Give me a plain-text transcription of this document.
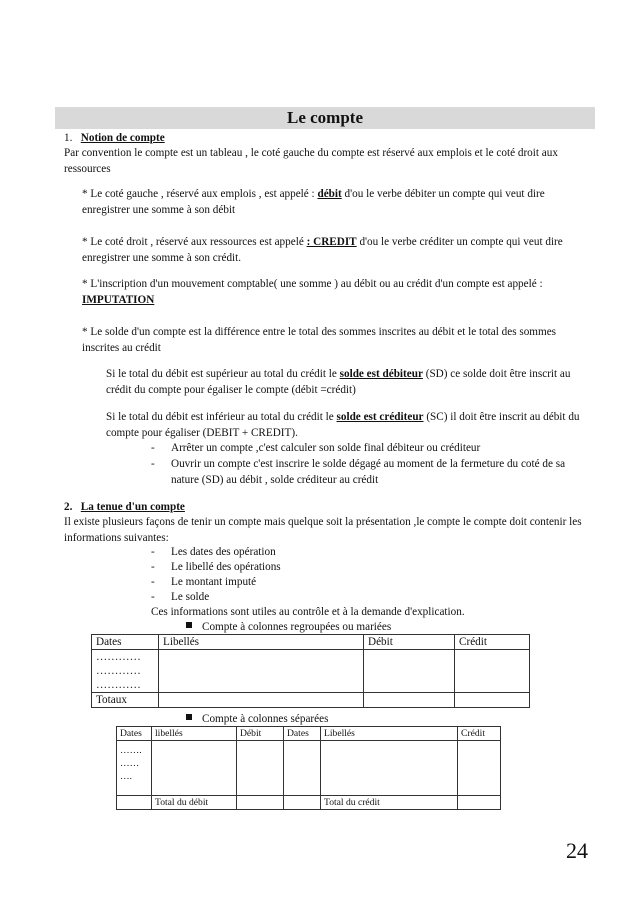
Le compte
1. Notion de compte

Par convention le compte est un tableau , le coté gauche du compte est réservé aux emplois et le coté droit aux ressources

* Le coté gauche , réservé aux emplois , est appelé : débit d'ou le verbe débiter un compte qui veut dire enregistrer une somme à son débit

* Le coté droit , réservé aux ressources est appelé : CREDIT d'ou le verbe créditer un compte qui veut dire enregistrer une somme à son crédit.

* L'inscription d'un mouvement comptable( une somme ) au débit ou au crédit d'un compte est appelé : IMPUTATION

* Le solde d'un compte est la différence entre le total des sommes inscrites au débit et le total des sommes inscrites au crédit

Si le total du débit est supérieur au total du crédit le solde est débiteur (SD) ce solde doit être inscrit au crédit du compte pour égaliser le compte (débit =crédit)

Si le total du débit est inférieur au total du crédit le solde est créditeur (SC) il doit être inscrit au débit du compte pour égaliser (DEBIT + CREDIT).

- Arrêter un compte ,c'est calculer son solde final débiteur ou créditeur

- Ouvrir un compte c'est inscrire le solde dégagé au moment de la fermeture du coté de sa nature (SD) au débit , solde créditeur au crédit

2. La tenue d'un compte

Il existe plusieurs façons de tenir un compte mais quelque soit la présentation ,le compte le compte doit contenir les informations suivantes:

- Les dates des opération

- Le libellé des opérations

- Le montant imputé

- Le solde

Ces informations sont utiles au contrôle et à la demande d'explication.

Compte à colonnes regroupées ou mariées

Dates	Libellés	Débit	Crédit

…………
…………
…………			

Totaux			

Compte à colonnes séparées

Dates	libellés	Débit	Dates	Libellés	Crédit

…….
……
….					

	Total du débit			Total du crédit	
24
